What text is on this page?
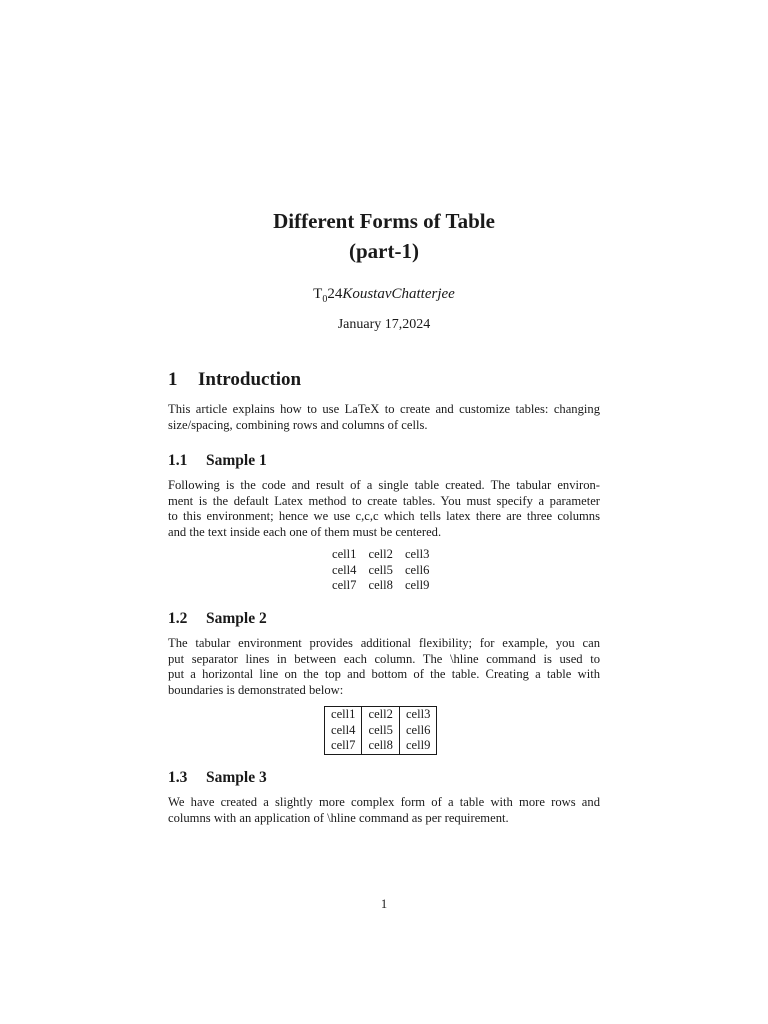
Different Forms of Table
(part-1)
$T_024KoustavChatterjee$
January 17,2024
1 Introduction
This article explains how to use LaTeX to create and customize tables: changing
size/spacing, combining rows and columns of cells.
1.1 Sample 1
Following is the code and result of a single table created. The tabular environ-
ment is the default Latex method to create tables. You must specify a parameter
to this environment; hence we use c,c,c which tells latex there are three columns
and the text inside each one of them must be centered.
cell1	cell2	cell3
cell4	cell5	cell6
cell7	cell8	cell9
1.2 Sample 2
The tabular environment provides additional flexibility; for example, you can
put separator lines in between each column. The \hline command is used to
put a horizontal line on the top and bottom of the table. Creating a table with
boundaries is demonstrated below:
cell1	cell2	cell3
cell4	cell5	cell6
cell7	cell8	cell9
1.3 Sample 3
We have created a slightly more complex form of a table with more rows and
columns with an application of \hline command as per requirement.
1
